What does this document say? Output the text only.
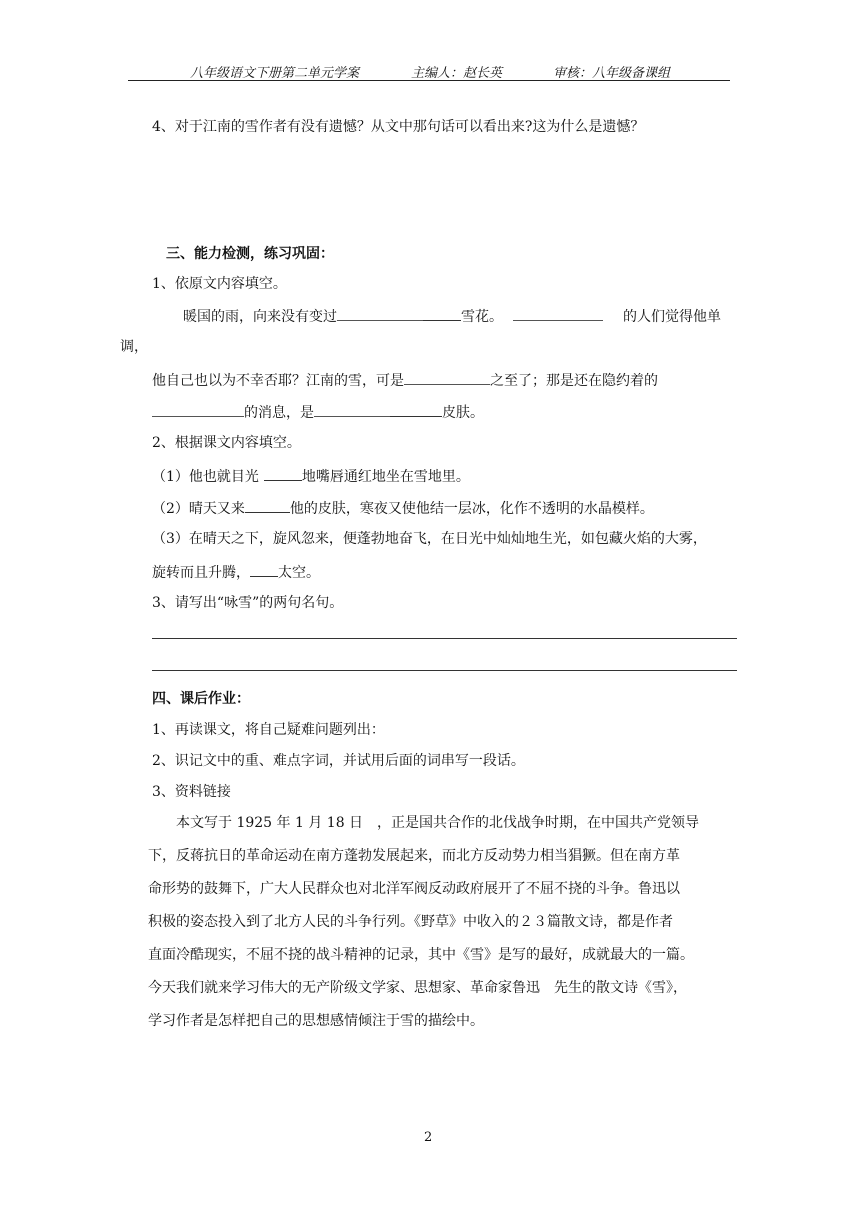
八年级语文下册第二单元学案	主编人：赵长英	审核：八年级备课组
4、对于江南的雪作者有没有遗憾？从文中那句话可以看出来?这为什么是遗憾？
三、能力检测，练习巩固：
1、依原文内容填空。
暖国的雨，向来没有变过	雪花。	的人们觉得他单
调，
他自己也以为不幸否耶？江南的雪，可是	之至了；那是还在隐约着的
的消息，是	皮肤。
2、根据课文内容填空。
（1）他也就目光	地嘴唇通红地坐在雪地里。
（2）晴天又来	他的皮肤，寒夜又使他结一层冰，化作不透明的水晶模样。
（3）在晴天之下，旋风忽来，便蓬勃地奋飞，在日光中灿灿地生光，如包藏火焰的大雾，
旋转而且升腾， 太空。
3、请写出“咏雪”的两句名句。
四、课后作业：
1、再读课文，将自己疑难问题列出：
2、识记文中的重、难点字词，并试用后面的词串写一段话。
3、资料链接
本文写于 1925 年 1 月 18 日　，正是国共合作的北伐战争时期，在中国共产党领导
下，反蒋抗日的革命运动在南方蓬勃发展起来，而北方反动势力相当猖獗。但在南方革
命形势的鼓舞下，广大人民群众也对北洋军阀反动政府展开了不屈不挠的斗争。鲁迅以
积极的姿态投入到了北方人民的斗争行列。《野草》中收入的２３篇散文诗，都是作者
直面冷酷现实，不屈不挠的战斗精神的记录，其中《雪》是写的最好，成就最大的一篇。
今天我们就来学习伟大的无产阶级文学家、思想家、革命家鲁迅　先生的散文诗《雪》，
学习作者是怎样把自己的思想感情倾注于雪的描绘中。
2
